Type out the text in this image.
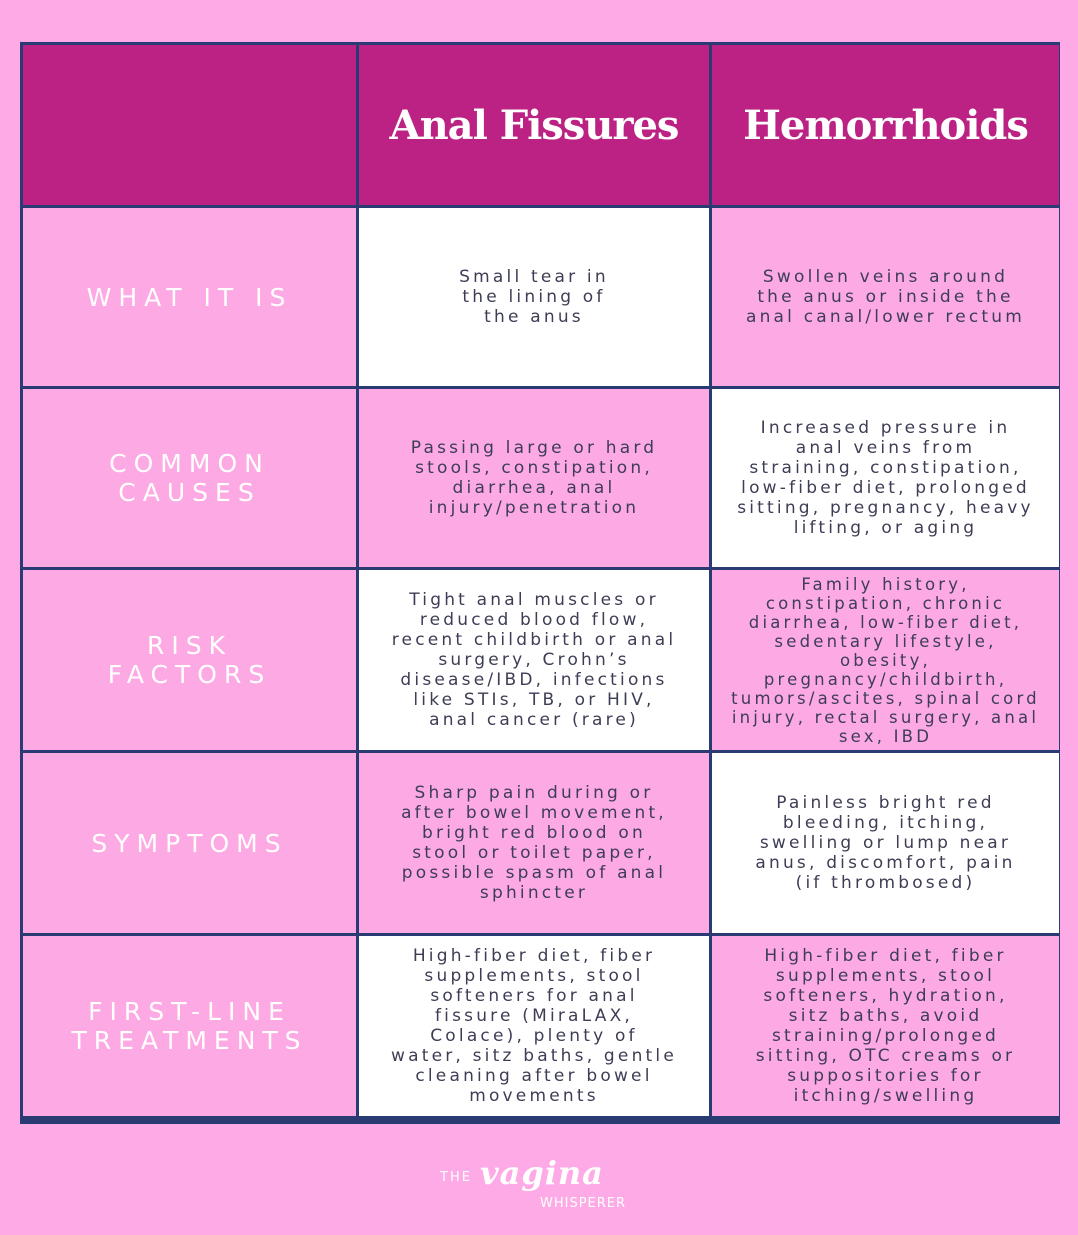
Anal Fissures Hemorrhoids
WHAT IT IS
Small tear in
the lining of
the anus
Swollen veins around
the anus or inside the
anal canal/lower rectum
COMMON
CAUSES
Passing large or hard
stools, constipation,
diarrhea, anal
injury/penetration
Increased pressure in
anal veins from
straining, constipation,
low-fiber diet, prolonged
sitting, pregnancy, heavy
lifting, or aging
RISK
FACTORS
Tight anal muscles or
reduced blood flow,
recent childbirth or anal
surgery, Crohn’s
disease/IBD, infections
like STIs, TB, or HIV,
anal cancer (rare)
Family history,
constipation, chronic
diarrhea, low-fiber diet,
sedentary lifestyle, obesity,
pregnancy/childbirth,
tumors/ascites, spinal cord
injury, rectal surgery, anal
sex, IBD
SYMPTOMS
Sharp pain during or
after bowel movement,
bright red blood on
stool or toilet paper,
possible spasm of anal
sphincter
Painless bright red
bleeding, itching,
swelling or lump near
anus, discomfort, pain
(if thrombosed)
FIRST-LINE
TREATMENTS
High-fiber diet, fiber
supplements, stool
softeners for anal
fissure (MiraLAX,
Colace), plenty of
water, sitz baths, gentle
cleaning after bowel
movements
High-fiber diet, fiber
supplements, stool
softeners, hydration,
sitz baths, avoid
straining/prolonged
sitting, OTC creams or
suppositories for
itching/swelling
THE vagina
WHISPERER
